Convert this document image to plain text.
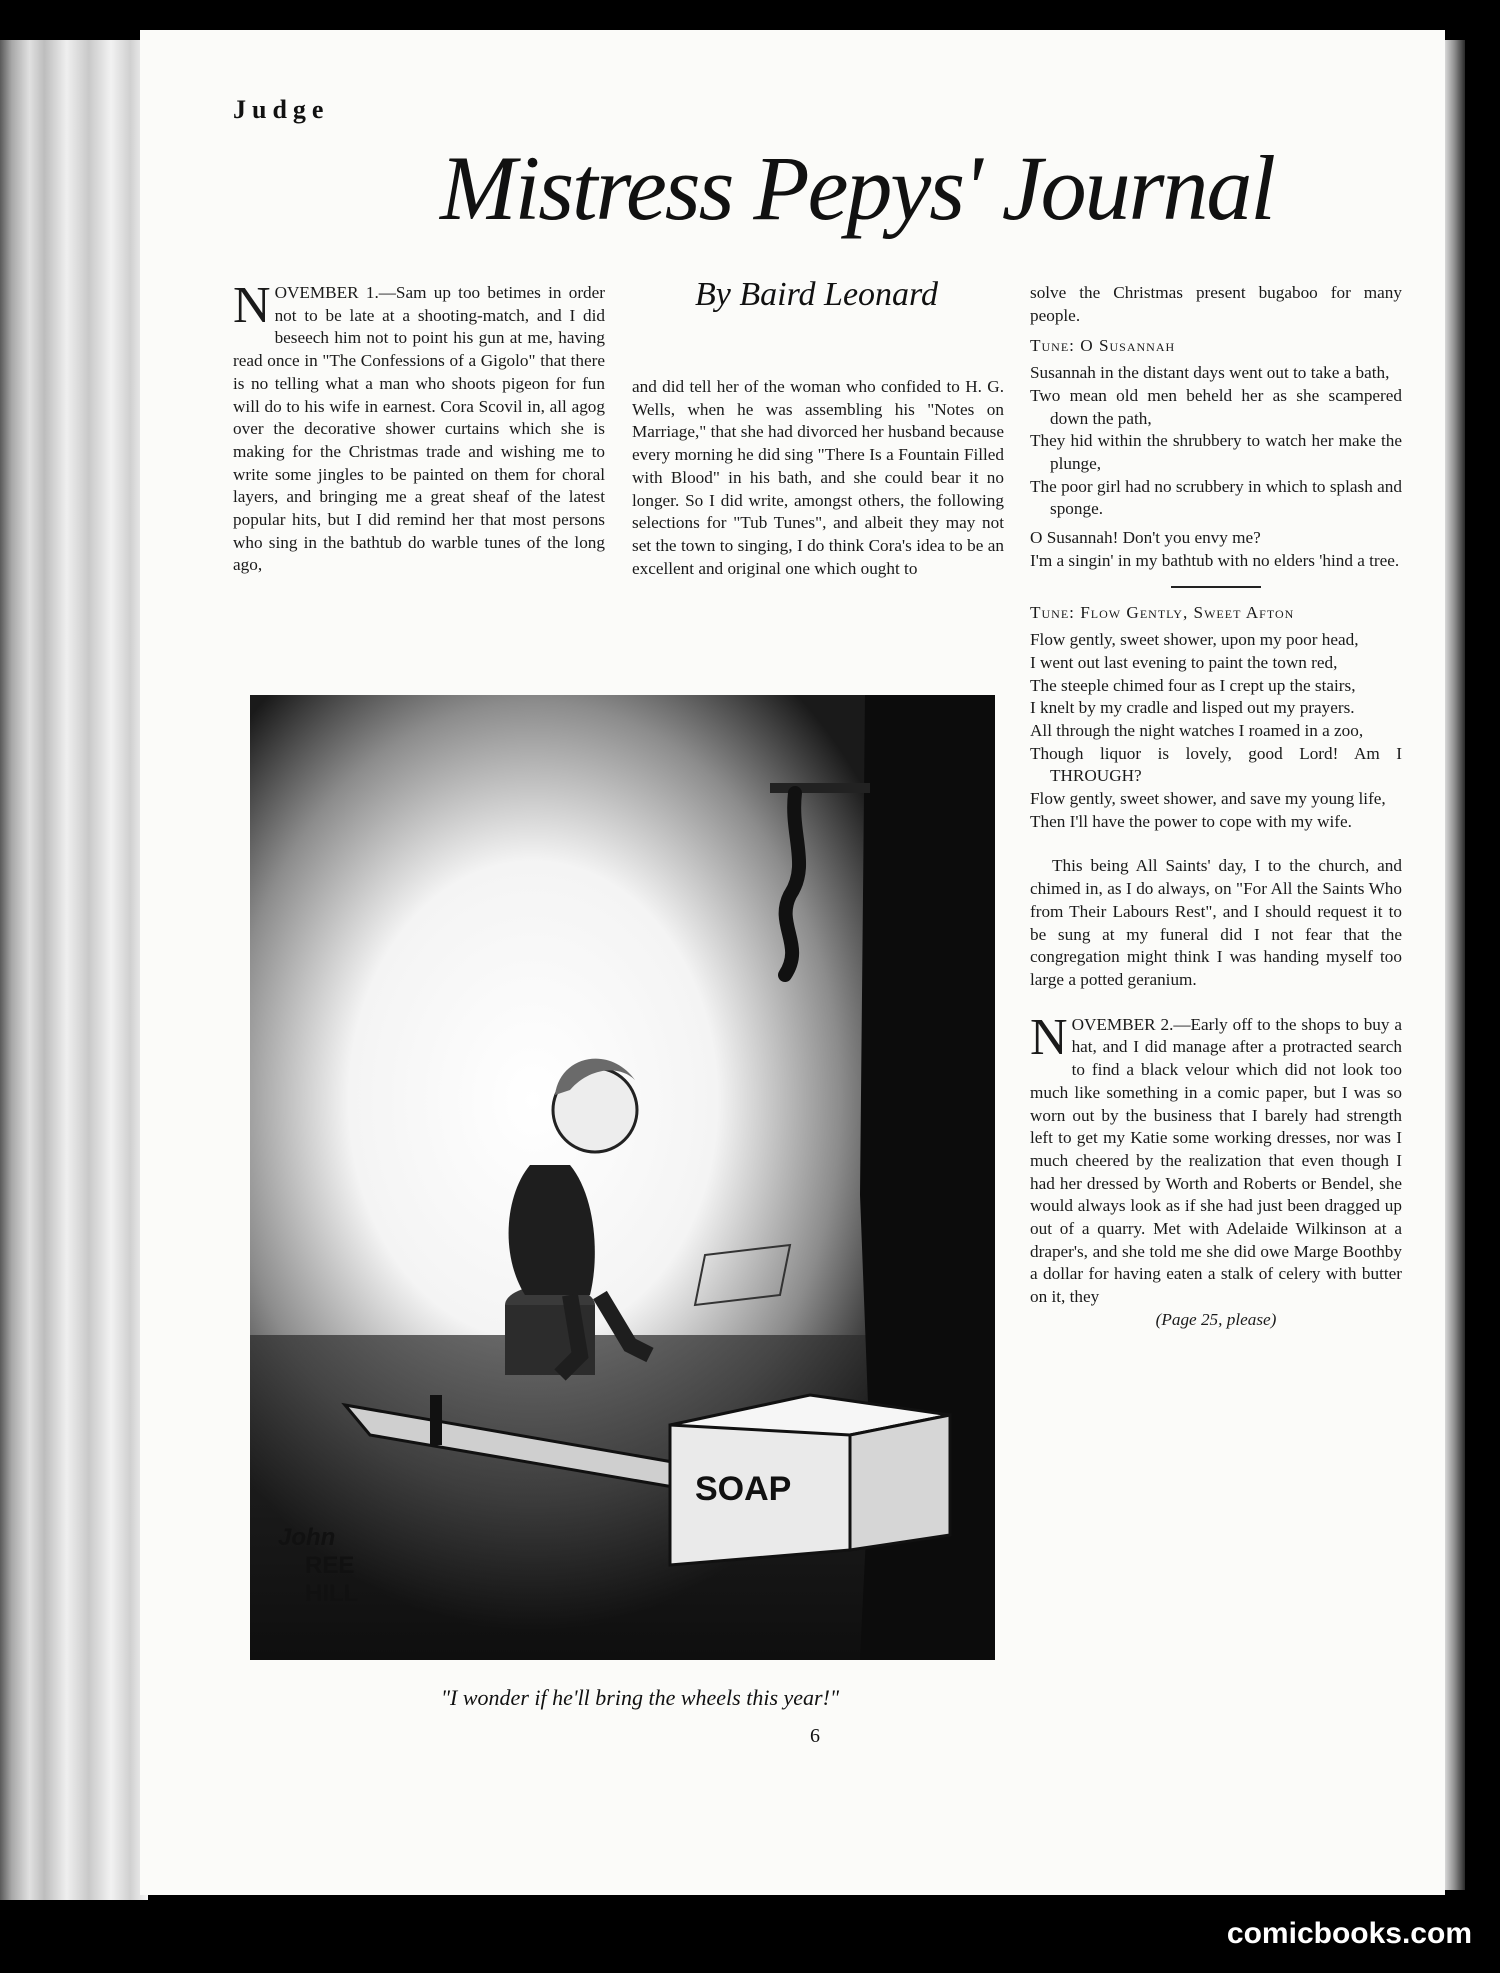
Judge
Mistress Pepys' Journal
By Baird Leonard
NOVEMBER 1.—Sam up too betimes in order not to be late at a shooting-match, and I did beseech him not to point his gun at me, having read once in "The Confessions of a Gigolo" that there is no telling what a man who shoots pigeon for fun will do to his wife in earnest. Cora Scovil in, all agog over the decorative shower curtains which she is making for the Christmas trade and wishing me to write some jingles to be painted on them for choral layers, and bringing me a great sheaf of the latest popular hits, but I did remind her that most persons who sing in the bathtub do warble tunes of the long ago,
and did tell her of the woman who confided to H. G. Wells, when he was assembling his "Notes on Marriage," that she had divorced her husband because every morning he did sing "There Is a Fountain Filled with Blood" in his bath, and she could bear it no longer. So I did write, amongst others, the following selections for "Tub Tunes", and albeit they may not set the town to singing, I do think Cora's idea to be an excellent and original one which ought to
solve the Christmas present bugaboo for many people.
Tune: O Susannah
Susannah in the distant days went out to take a bath,
Two mean old men beheld her as she scampered down the path,
They hid within the shrubbery to watch her make the plunge,
The poor girl had no scrubbery in which to splash and sponge.
O Susannah! Don't you envy me?
I'm a singin' in my bathtub with no elders 'hind a tree.
Tune: Flow Gently, Sweet Afton
Flow gently, sweet shower, upon my poor head,
I went out last evening to paint the town red,
The steeple chimed four as I crept up the stairs,
I knelt by my cradle and lisped out my prayers.
All through the night watches I roamed in a zoo,
Though liquor is lovely, good Lord! Am I THROUGH?
Flow gently, sweet shower, and save my young life,
Then I'll have the power to cope with my wife.
This being All Saints' day, I to the church, and chimed in, as I do always, on "For All the Saints Who from Their Labours Rest", and I should request it to be sung at my funeral did I not fear that the congregation might think I was handing myself too large a potted geranium.
NOVEMBER 2.—Early off to the shops to buy a hat, and I did manage after a protracted search to find a black velour which did not look too much like something in a comic paper, but I was so worn out by the business that I barely had strength left to get my Katie some working dresses, nor was I much cheered by the realization that even though I had her dressed by Worth and Roberts or Bendel, she would always look as if she had just been dragged up out of a quarry. Met with Adelaide Wilkinson at a draper's, and she told me she did owe Marge Boothby a dollar for having eaten a stalk of celery with butter on it, they
(Page 25, please)
SOAP
John
REE
HILL
"I wonder if he'll bring the wheels this year!"
6
comicbooks.com
